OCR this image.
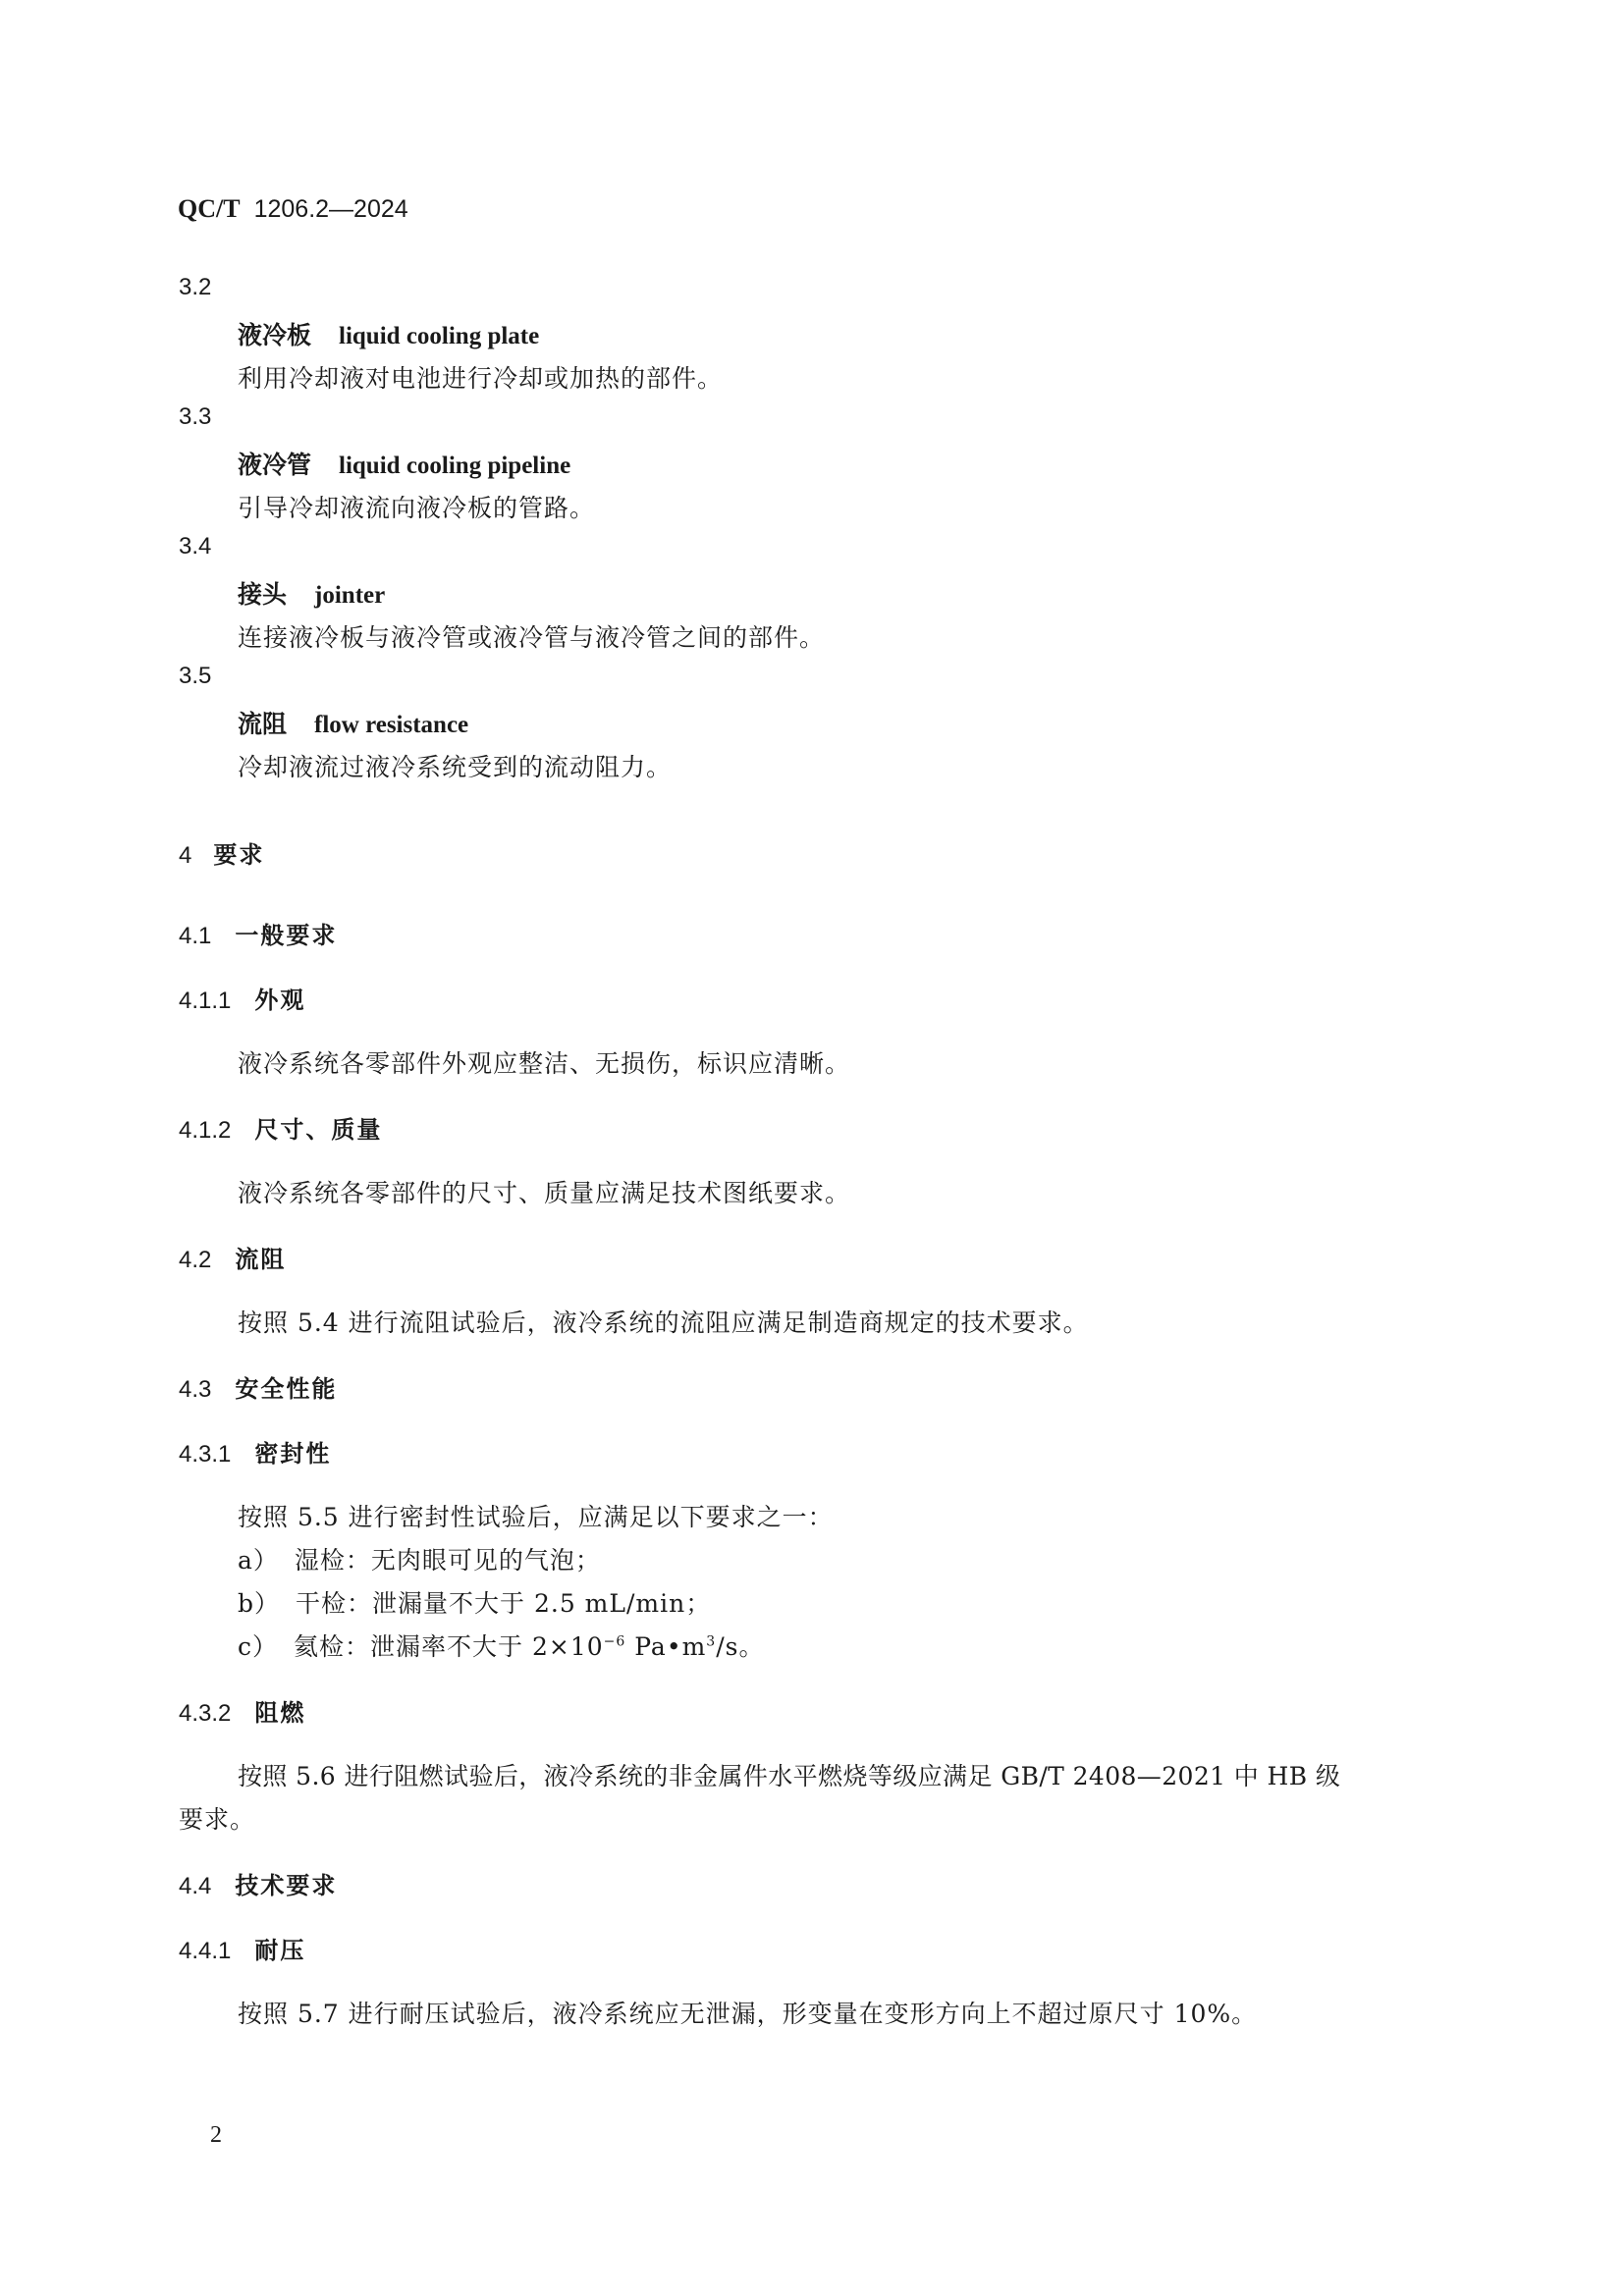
QC/T 1206.2—2024
3.2
液冷板 liquid cooling plate
利用冷却液对电池进行冷却或加热的部件。
3.3
液冷管 liquid cooling pipeline
引导冷却液流向液冷板的管路。
3.4
接头 jointer
连接液冷板与液冷管或液冷管与液冷管之间的部件。
3.5
流阻 flow resistance
冷却液流过液冷系统受到的流动阻力。
4 要求
4.1 一般要求
4.1.1 外观
液冷系统各零部件外观应整洁、无损伤，标识应清晰。
4.1.2 尺寸、质量
液冷系统各零部件的尺寸、质量应满足技术图纸要求。
4.2 流阻
按照 5.4 进行流阻试验后，液冷系统的流阻应满足制造商规定的技术要求。
4.3 安全性能
4.3.1 密封性
按照 5.5 进行密封性试验后，应满足以下要求之一：
a） 湿检：无肉眼可见的气泡；
b） 干检：泄漏量不大于 2.5 mL/min；
c） 氦检：泄漏率不大于 $2\times 10^{-6}$ $Pa•m^3/s$。
4.3.2 阻燃
按照 5.6 进行阻燃试验后，液冷系统的非金属件水平燃烧等级应满足 GB/T 2408—2021 中 HB 级
要求。
4.4 技术要求
4.4.1 耐压
按照 5.7 进行耐压试验后，液冷系统应无泄漏，形变量在变形方向上不超过原尺寸 10%。
2
